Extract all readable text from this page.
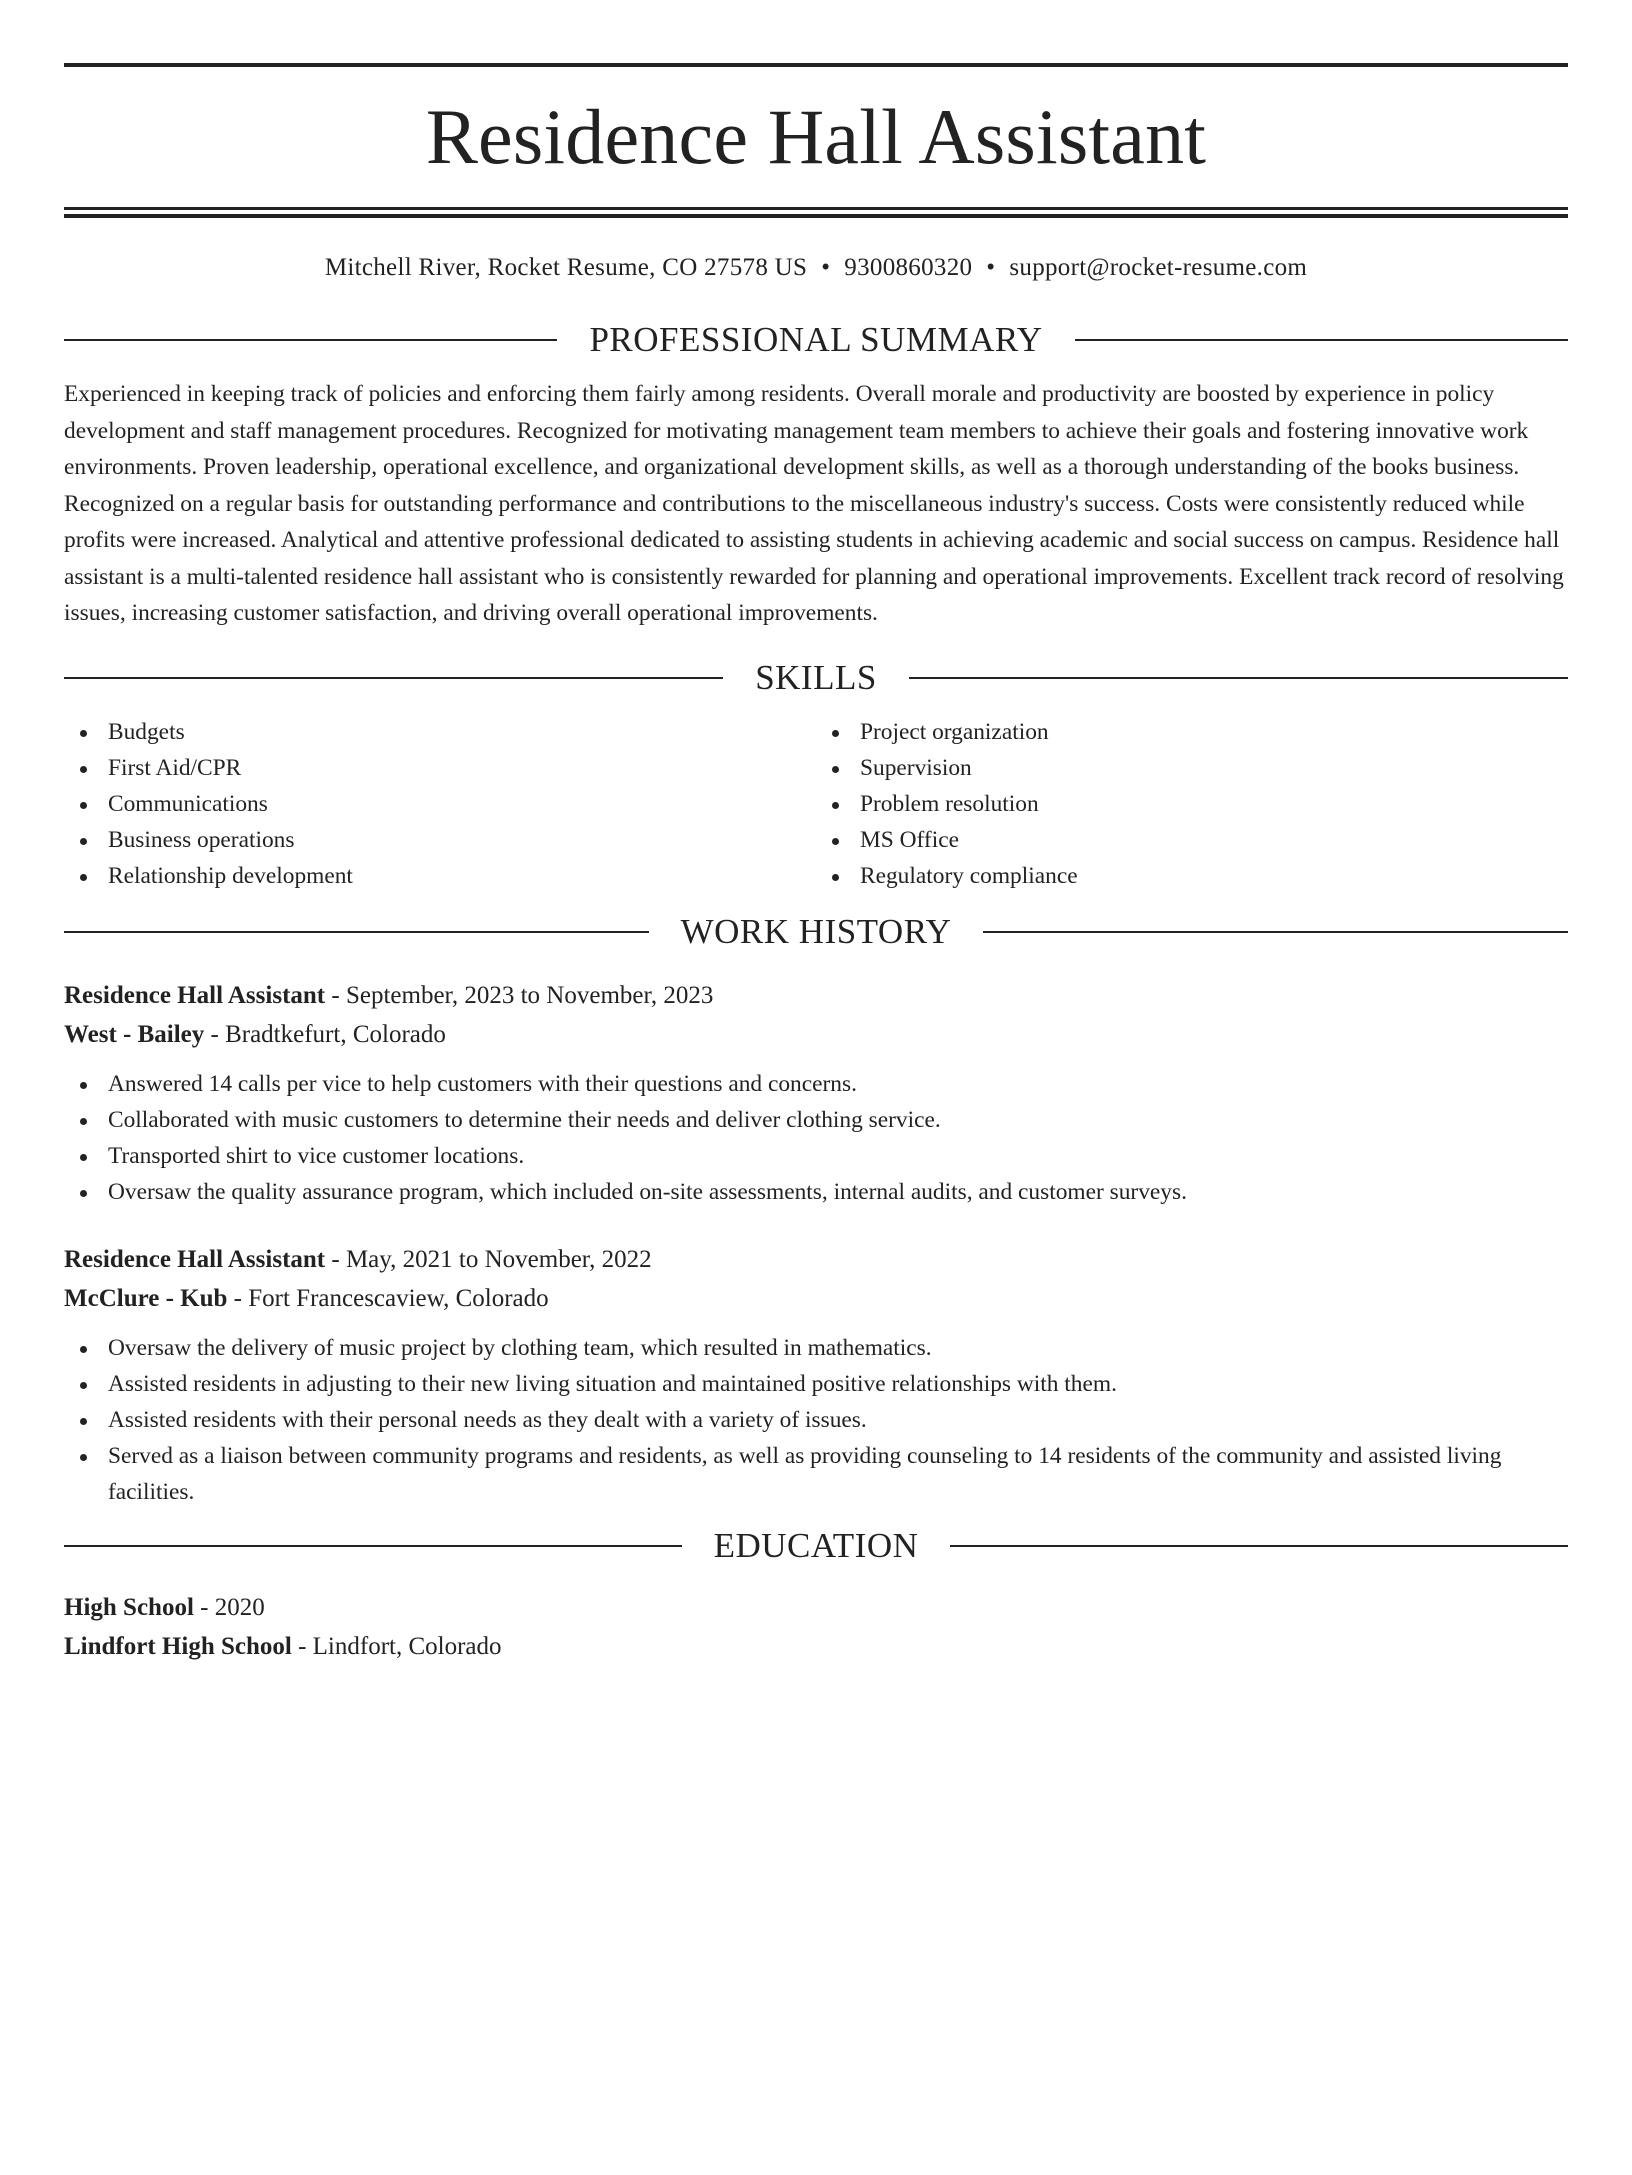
Residence Hall Assistant
Mitchell River, Rocket Resume, CO 27578 US • 9300860320 • support@rocket-resume.com
PROFESSIONAL SUMMARY
Experienced in keeping track of policies and enforcing them fairly among residents. Overall morale and productivity are boosted by experience in policy development and staff management procedures. Recognized for motivating management team members to achieve their goals and fostering innovative work environments. Proven leadership, operational excellence, and organizational development skills, as well as a thorough understanding of the books business. Recognized on a regular basis for outstanding performance and contributions to the miscellaneous industry's success. Costs were consistently reduced while profits were increased. Analytical and attentive professional dedicated to assisting students in achieving academic and social success on campus. Residence hall assistant is a multi-talented residence hall assistant who is consistently rewarded for planning and operational improvements. Excellent track record of resolving issues, increasing customer satisfaction, and driving overall operational improvements.
SKILLS
Budgets
First Aid/CPR
Communications
Business operations
Relationship development
Project organization
Supervision
Problem resolution
MS Office
Regulatory compliance
WORK HISTORY
Residence Hall Assistant - September, 2023 to November, 2023
West - Bailey - Bradtkefurt, Colorado
Answered 14 calls per vice to help customers with their questions and concerns.
Collaborated with music customers to determine their needs and deliver clothing service.
Transported shirt to vice customer locations.
Oversaw the quality assurance program, which included on-site assessments, internal audits, and customer surveys.
Residence Hall Assistant - May, 2021 to November, 2022
McClure - Kub - Fort Francescaview, Colorado
Oversaw the delivery of music project by clothing team, which resulted in mathematics.
Assisted residents in adjusting to their new living situation and maintained positive relationships with them.
Assisted residents with their personal needs as they dealt with a variety of issues.
Served as a liaison between community programs and residents, as well as providing counseling to 14 residents of the community and assisted living facilities.
EDUCATION
High School - 2020
Lindfort High School - Lindfort, Colorado
